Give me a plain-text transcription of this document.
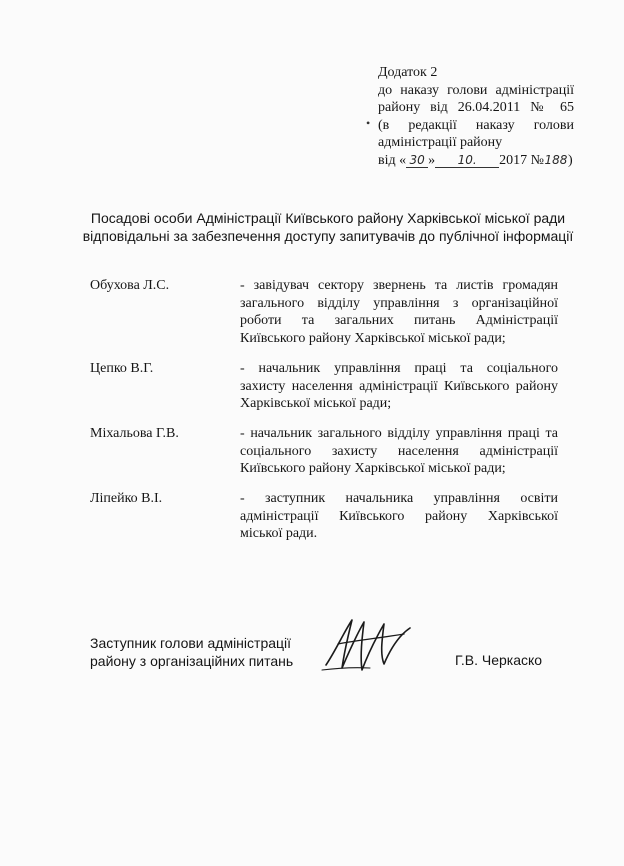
Додаток 2
до наказу голови адміністрації
району від 26.04.2011 № 65
(в редакції наказу голови
адміністрації району
від « 30 » 10. 2017 №188)
•
Посадові особи Адміністрації Київського району Харківської міської ради
відповідальні за забезпечення доступу запитувачів до публічної інформації
Обухова Л.С.	- завідувач сектору звернень та листів громадян
загального відділу управління з організаційної
роботи та загальних питань Адміністрації
Київського району Харківської міської ради;
Цепко В.Г.	- начальник управління праці та соціального
захисту населення адміністрації Київського району
Харківської міської ради;
Міхальова Г.В.	- начальник загального відділу управління праці та
соціального захисту населення адміністрації
Київського району Харківської міської ради;
Ліпейко В.І.	- заступник начальника управління освіти
адміністрації Київського району Харківської
міської ради.
Заступник голови адміністрації
району з організаційних питань	Г.В. Черкаско
